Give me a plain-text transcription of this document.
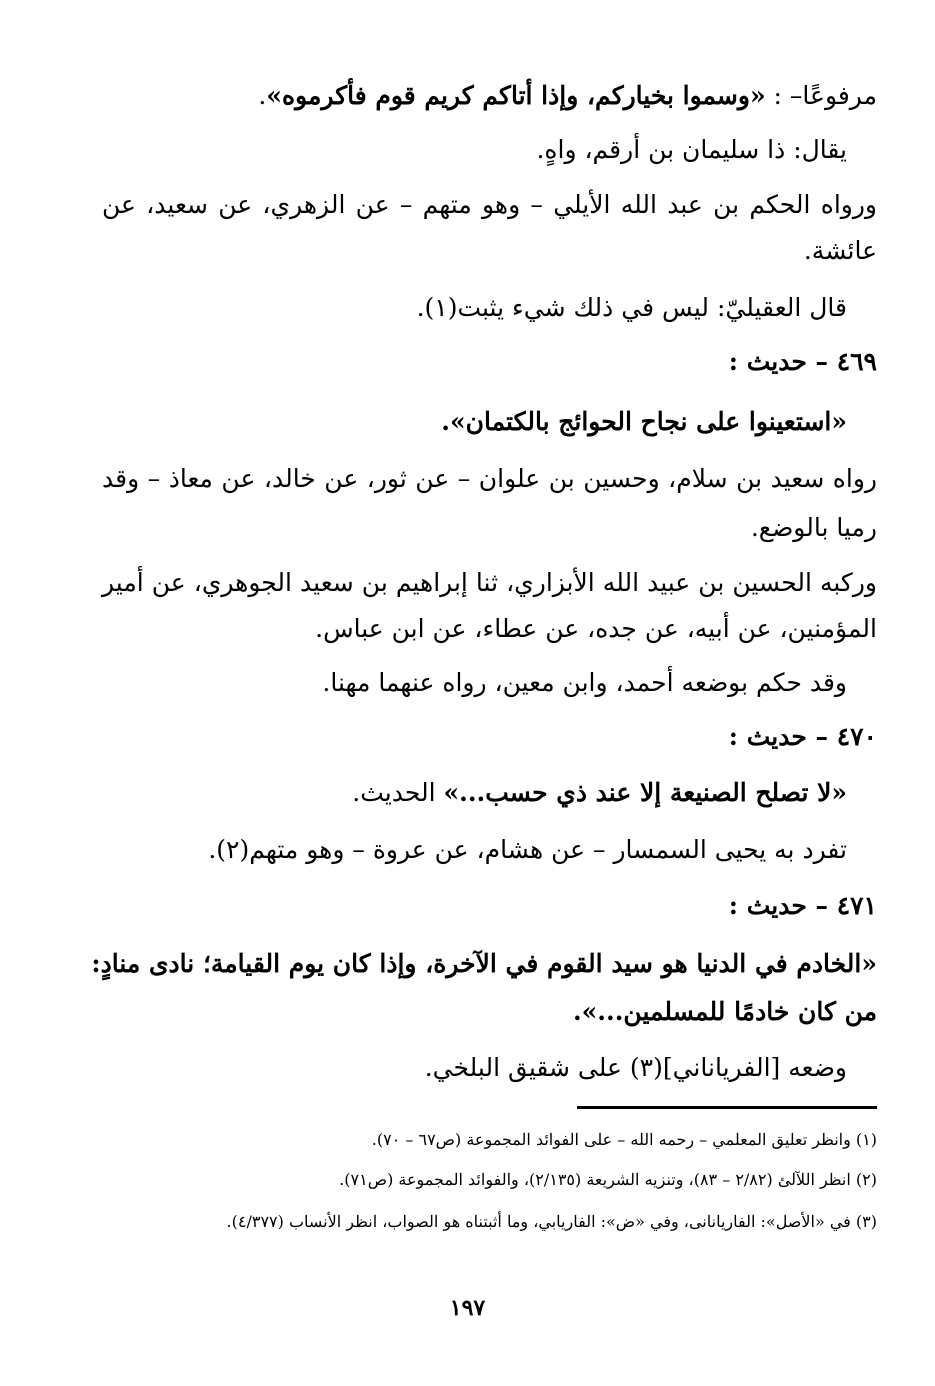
مرفوعًا– : «وسموا بخياركم، وإذا أتاكم كريم قوم فأكرموه».
يقال: ذا سليمان بن أرقم، واهٍ.
ورواه الحكم بن عبد الله الأيلي – وهو متهم – عن الزهري، عن سعيد، عن
عائشة.
قال العقيليّ: ليس في ذلك شيء يثبت(١).
٤٦٩ – حديث :
«استعينوا على نجاح الحوائج بالكتمان».
رواه سعيد بن سلام، وحسين بن علوان – عن ثور، عن خالد، عن معاذ – وقد
رميا بالوضع.
وركبه الحسين بن عبيد الله الأبزاري، ثنا إبراهيم بن سعيد الجوهري، عن أمير
المؤمنين، عن أبيه، عن جده، عن عطاء، عن ابن عباس.
وقد حكم بوضعه أحمد، وابن معين، رواه عنهما مهنا.
٤٧٠ – حديث :
«لا تصلح الصنيعة إلا عند ذي حسب...» الحديث.
تفرد به يحيى السمسار – عن هشام، عن عروة – وهو متهم(٢).
٤٧١ – حديث :
«الخادم في الدنيا هو سيد القوم في الآخرة، وإذا كان يوم القيامة؛ نادى منادٍ:
من كان خادمًا للمسلمين...».
وضعه [الفرياناني](٣) على شقيق البلخي.
(١) وانظر تعليق المعلمي – رحمه الله – على الفوائد المجموعة (ص٦٧ – ٧٠).
(٢) انظر اللآلئ (٢/٨٢ – ٨٣)، وتنزيه الشريعة (٢/١٣٥)، والفوائد المجموعة (ص٧١).
(٣) في «الأصل»: الفاريانانى، وفي «ض»: الفاريابي، وما أثبتناه هو الصواب، انظر الأنساب (٤/٣٧٧).
١٩٧
